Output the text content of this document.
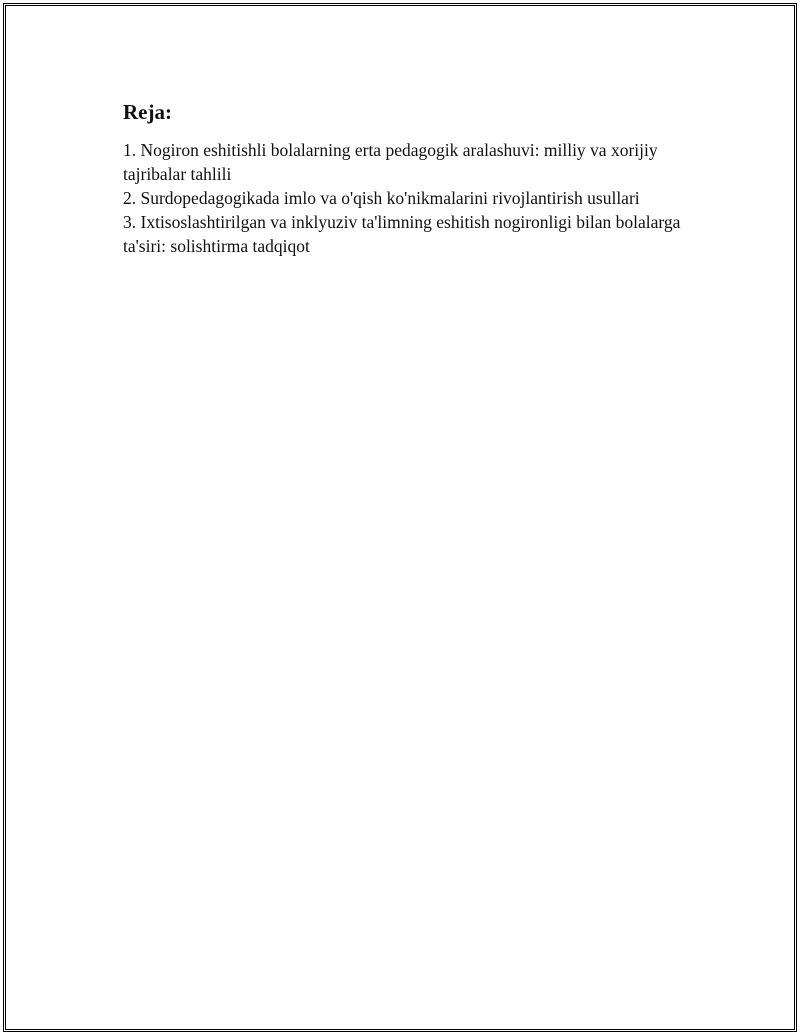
Reja:
1. Nogiron eshitishli bolalarning erta pedagogik aralashuvi: milliy va xorijiy tajribalar tahlili
2. Surdopedagogikada imlo va o'qish ko'nikmalarini rivojlantirish usullari
3. Ixtisoslashtirilgan va inklyuziv ta'limning eshitish nogironligi bilan bolalarga ta'siri: solishtirma tadqiqot
